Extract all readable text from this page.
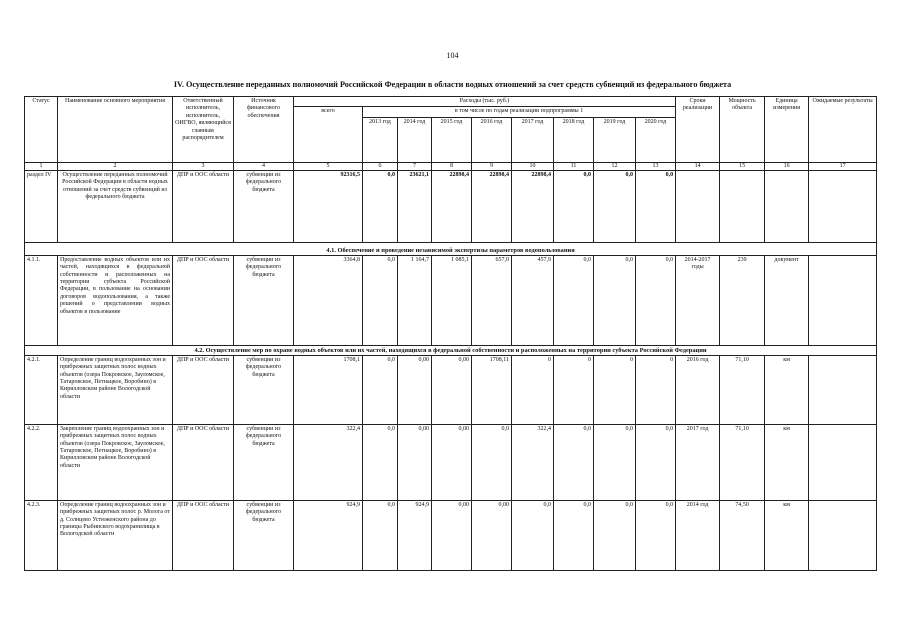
104
IV. Осуществление переданных полномочий Российской Федерации в области водных отношений за счет средств субвенций из федерального бюджета
Статус	Наименование основного мероприятия	Ответственный исполнитель, исполнитель, ОИГВО, являющийся главным распорядителем	Источник финансового обеспечения	Расходы (тыс. руб.)									Сроки реализации	Мощность объекта	Единица измерения	Ожидаемые результаты
				всего	в том числе по годам реализации подпрограммы 1											
					2013 год	2014 год	2015 год	2016 год	2017 год	2018 год	2019 год	2020 год				
1	2	3	4	5	6	7	8	9	10	11	12	13	14	15	16	17
раздел IV	Осуществление переданных полномочий Российской Федерации в области водных отношений за счет средств субвенций из федерального бюджета	ДПР и ООС области	субвенции из федерального бюджета	92316,5	0,0	23621,1	22898,4	22898,4	22898,4	0,0	0,0	0,0				
4.1. Обеспечение и проведение независимой экспертизы параметров водопользования																
4.1.1.	Предоставление водных объектов или их частей, находящихся в федеральной собственности и расположенных на территории субъекта Российской Федерации, в пользование на основании договоров водопользования, а также решений о представлении водных объектов в пользование	ДПР и ООС области	субвенции из федерального бюджета	3364,8	0,0	1 164,7	1 085,1	657,0	457,9	0,0	0,0	0,0	2014-2017 годы	239	документ	
4.2. Осуществление мер по охране водных объектов или их частей, находящихся в федеральной собственности и расположенных на территории субъекта Российской Федерации																
4.2.1.	Определение границ водоохранных зон и прибрежных защитных полос водных объектов (озера Покровское, Зауломское, Татаровское, Петнацкое, Воробино) в Кирилловском районе Вологодской области	ДПР и ООС области	субвенции из федерального бюджета	1708,1	0,0	0,00	0,00	1708,11	0	0	0	0	2016 год	71,10	км	
4.2.2.	Закрепление границ водоохранных зон и прибрежных защитных полос водных объектов (озера Покровское, Зауломское, Татаровское, Петнацкое, Воробино) в Кирилловском районе Вологодской области	ДПР и ООС области	субвенции из федерального бюджета	322,4	0,0	0,00	0,00	0,0	322,4	0,0	0,0	0,0	2017 год	71,10	км	
4.2.3.	Определение границ водоохранных зон и прибрежных защитных полос р. Молога от д. Солнцево Устюженского района до границы Рыбинского водохранилища в Вологодской области	ДПР и ООС области	субвенции из федерального бюджета	924,9	0,0	924,9	0,00	0,00	0,0	0,0	0,0	0,0	2014 год	74,50	км	
